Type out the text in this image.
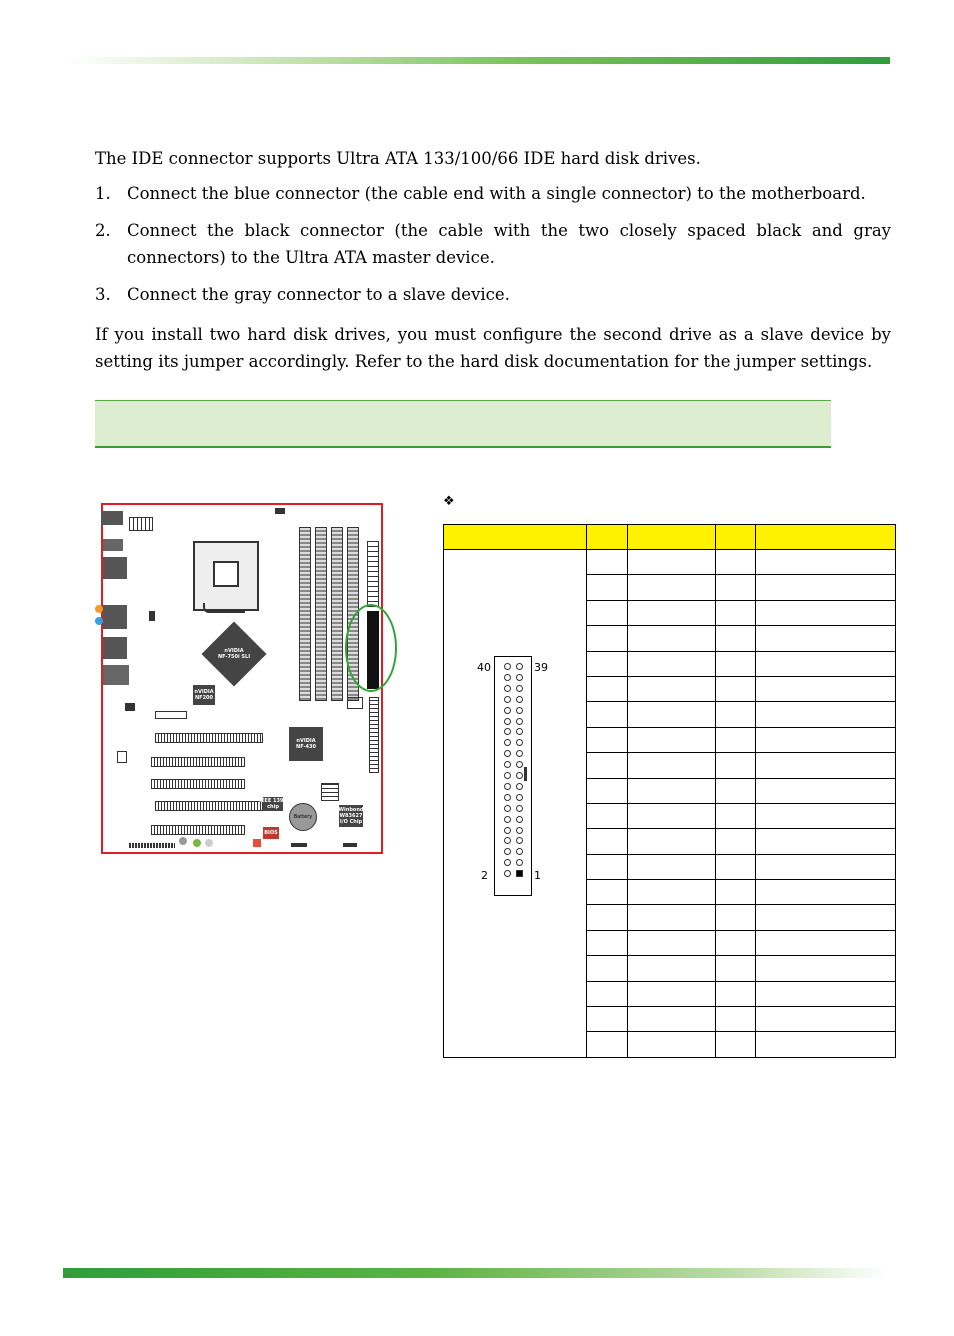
The IDE connector supports Ultra ATA 133/100/66 IDE hard disk drives.

1. Connect the blue connector (the cable end with a single connector) to the motherboard.
2. Connect the black connector (the cable with the two closely spaced black and gray connectors) to the Ultra ATA master device.
3. Connect the gray connector to a slave device.

If you install two hard disk drives, you must configure the second drive as a slave device by setting its jumper accordingly. Refer to the hard disk documentation for the jumper settings.

nVIDIA
NF-750i SLI
nVIDIA
NF200
nVIDIA
NF-430
IEEE 1394
chip
Battery
Winbond
W83627
I/O Chip
BIOS
❖

40	39
2	1
